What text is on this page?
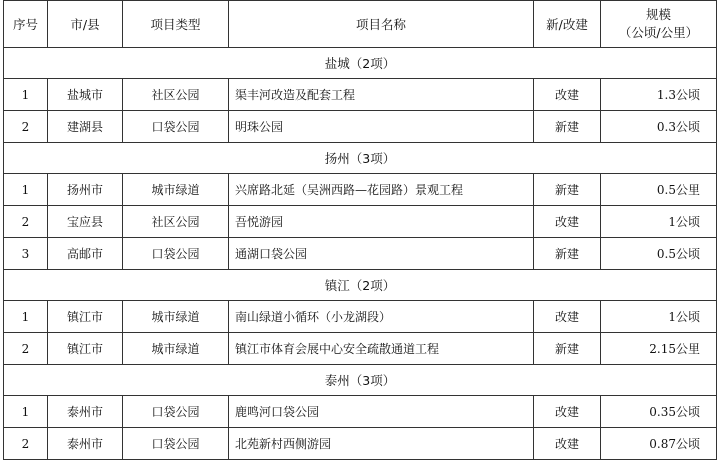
序号	市/县	项目类型	项目名称	新/改建	规模
（公顷/公里）

盐城（2项）					
1	盐城市	社区公园	渠丰河改造及配套工程	改建	1.3公顷
2	建湖县	口袋公园	明珠公园	新建	0.3公顷
扬州（3项）					
1	扬州市	城市绿道	兴席路北延（吴洲西路—花园路）景观工程	新建	0.5公里
2	宝应县	社区公园	吾悦游园	改建	1公顷
3	高邮市	口袋公园	通湖口袋公园	新建	0.5公顷
镇江（2项）					
1	镇江市	城市绿道	南山绿道小循环（小龙湖段）	改建	1公顷
2	镇江市	城市绿道	镇江市体育会展中心安全疏散通道工程	新建	2.15公里
泰州（3项）					
1	泰州市	口袋公园	鹿鸣河口袋公园	改建	0.35公顷
2	泰州市	口袋公园	北苑新村西侧游园	改建	0.87公顷
